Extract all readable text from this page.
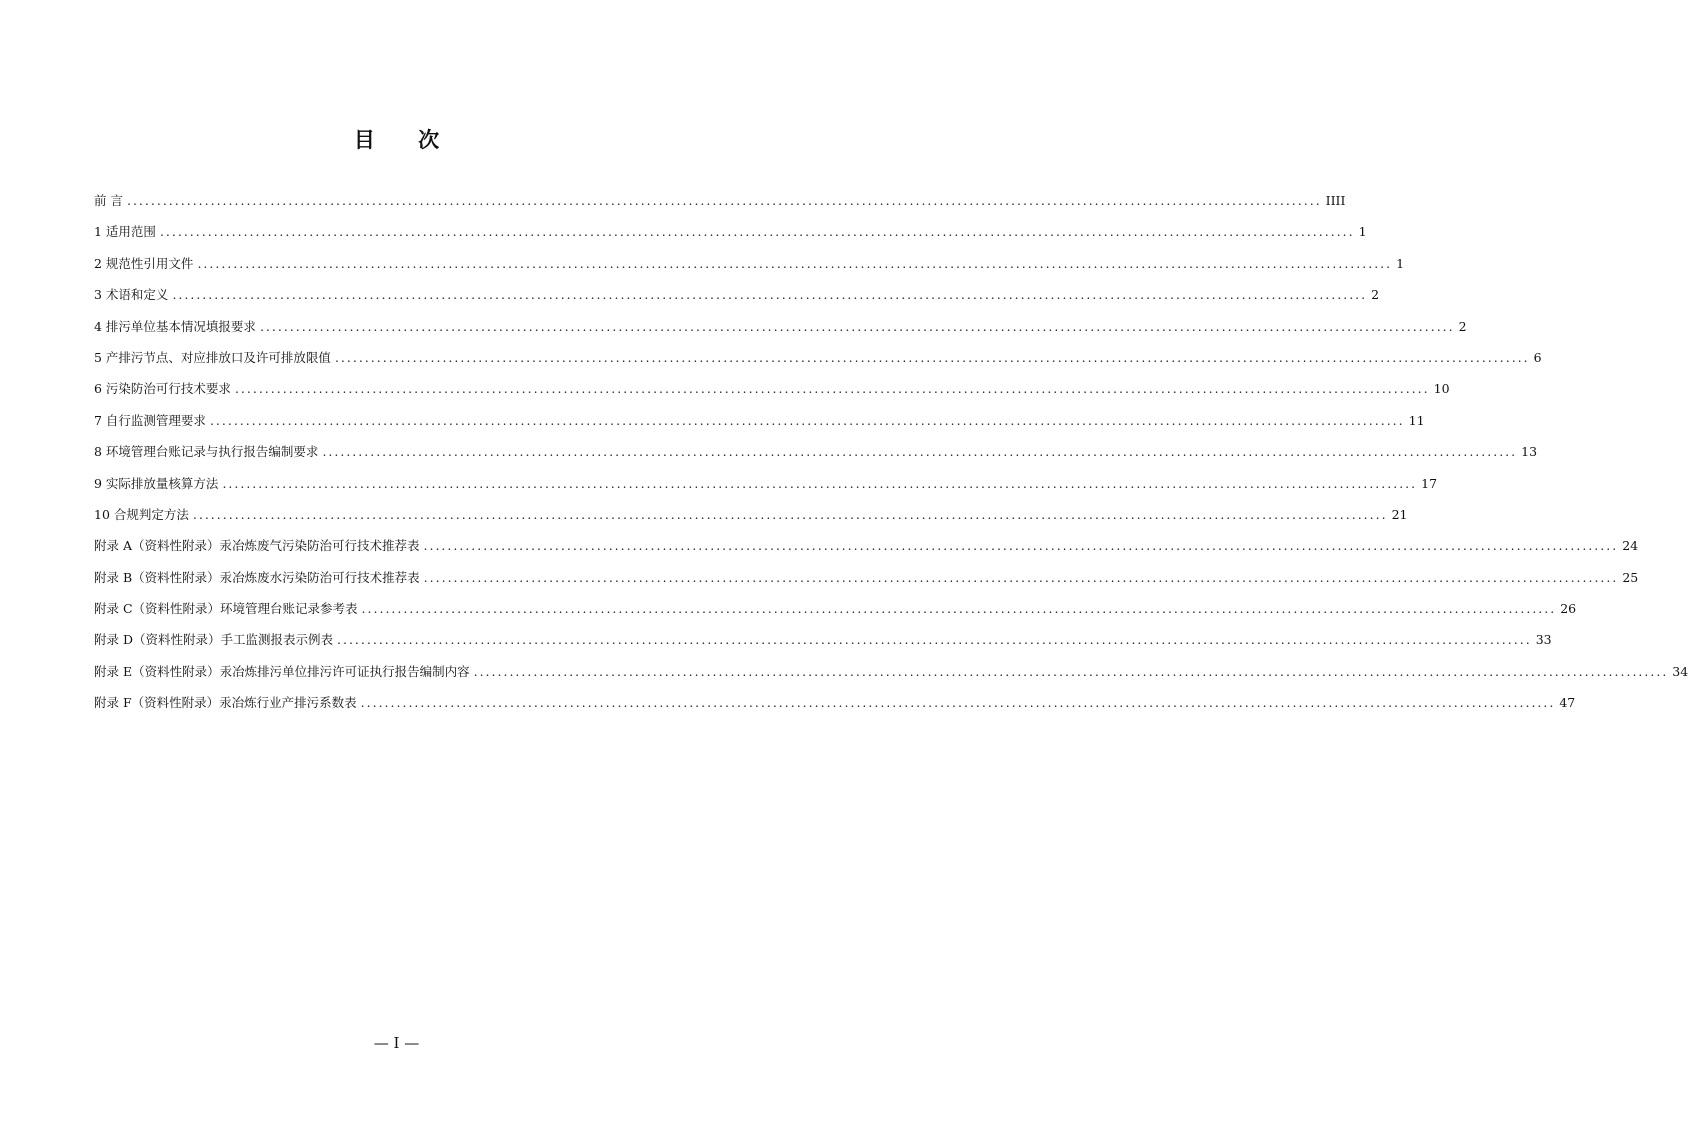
目 次
前 言 ........................................................................................................................................................................................................ IIII
1 适用范围 ........................................................................................................................................................................................................ 1
2 规范性引用文件 ........................................................................................................................................................................................................ 1
3 术语和定义 ........................................................................................................................................................................................................ 2
4 排污单位基本情况填报要求 ........................................................................................................................................................................................................ 2
5 产排污节点、对应排放口及许可排放限值 ........................................................................................................................................................................................................ 6
6 污染防治可行技术要求 ........................................................................................................................................................................................................ 10
7 自行监测管理要求 ........................................................................................................................................................................................................ 11
8 环境管理台账记录与执行报告编制要求 ........................................................................................................................................................................................................ 13
9 实际排放量核算方法 ........................................................................................................................................................................................................ 17
10 合规判定方法 ........................................................................................................................................................................................................ 21
附录 A（资料性附录）汞冶炼废气污染防治可行技术推荐表 ........................................................................................................................................................................................................ 24
附录 B（资料性附录）汞冶炼废水污染防治可行技术推荐表 ........................................................................................................................................................................................................ 25
附录 C（资料性附录）环境管理台账记录参考表 ........................................................................................................................................................................................................ 26
附录 D（资料性附录）手工监测报表示例表 ........................................................................................................................................................................................................ 33
附录 E（资料性附录）汞冶炼排污单位排污许可证执行报告编制内容 ........................................................................................................................................................................................................ 34
附录 F（资料性附录）汞冶炼行业产排污系数表 ........................................................................................................................................................................................................ 47
— I —
